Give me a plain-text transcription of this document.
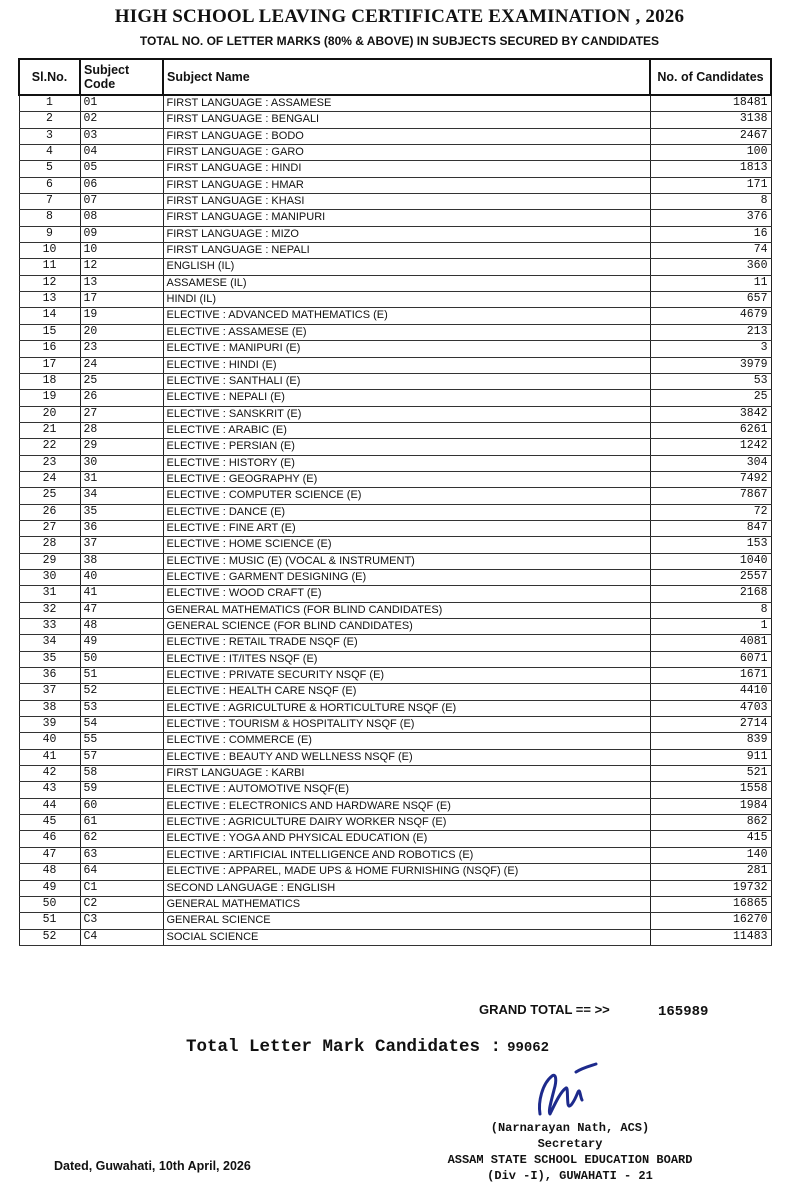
HIGH SCHOOL LEAVING CERTIFICATE EXAMINATION , 2026
TOTAL NO. OF LETTER MARKS (80% & ABOVE) IN SUBJECTS SECURED BY CANDIDATES
Sl.No.	Subject Code	Subject Name	No. of Candidates
1	01	FIRST LANGUAGE : ASSAMESE	18481
2	02	FIRST LANGUAGE : BENGALI	3138
3	03	FIRST LANGUAGE : BODO	2467
4	04	FIRST LANGUAGE : GARO	100
5	05	FIRST LANGUAGE : HINDI	1813
6	06	FIRST LANGUAGE : HMAR	171
7	07	FIRST LANGUAGE : KHASI	8
8	08	FIRST LANGUAGE : MANIPURI	376
9	09	FIRST LANGUAGE : MIZO	16
10	10	FIRST LANGUAGE : NEPALI	74
11	12	ENGLISH (IL)	360
12	13	ASSAMESE (IL)	11
13	17	HINDI (IL)	657
14	19	ELECTIVE : ADVANCED MATHEMATICS (E)	4679
15	20	ELECTIVE : ASSAMESE (E)	213
16	23	ELECTIVE : MANIPURI (E)	3
17	24	ELECTIVE : HINDI (E)	3979
18	25	ELECTIVE : SANTHALI (E)	53
19	26	ELECTIVE : NEPALI (E)	25
20	27	ELECTIVE : SANSKRIT (E)	3842
21	28	ELECTIVE : ARABIC (E)	6261
22	29	ELECTIVE : PERSIAN (E)	1242
23	30	ELECTIVE : HISTORY (E)	304
24	31	ELECTIVE : GEOGRAPHY (E)	7492
25	34	ELECTIVE : COMPUTER SCIENCE (E)	7867
26	35	ELECTIVE : DANCE (E)	72
27	36	ELECTIVE : FINE ART (E)	847
28	37	ELECTIVE : HOME SCIENCE (E)	153
29	38	ELECTIVE : MUSIC (E) (VOCAL & INSTRUMENT)	1040
30	40	ELECTIVE : GARMENT DESIGNING (E)	2557
31	41	ELECTIVE : WOOD CRAFT (E)	2168
32	47	GENERAL MATHEMATICS (FOR BLIND CANDIDATES)	8
33	48	GENERAL SCIENCE (FOR BLIND CANDIDATES)	1
34	49	ELECTIVE : RETAIL TRADE NSQF (E)	4081
35	50	ELECTIVE : IT/ITES NSQF (E)	6071
36	51	ELECTIVE : PRIVATE SECURITY NSQF (E)	1671
37	52	ELECTIVE : HEALTH CARE NSQF (E)	4410
38	53	ELECTIVE : AGRICULTURE & HORTICULTURE NSQF (E)	4703
39	54	ELECTIVE : TOURISM & HOSPITALITY NSQF (E)	2714
40	55	ELECTIVE : COMMERCE (E)	839
41	57	ELECTIVE : BEAUTY AND WELLNESS NSQF (E)	911
42	58	FIRST LANGUAGE : KARBI	521
43	59	ELECTIVE : AUTOMOTIVE NSQF(E)	1558
44	60	ELECTIVE : ELECTRONICS AND HARDWARE NSQF (E)	1984
45	61	ELECTIVE : AGRICULTURE DAIRY WORKER NSQF (E)	862
46	62	ELECTIVE : YOGA AND PHYSICAL EDUCATION (E)	415
47	63	ELECTIVE : ARTIFICIAL INTELLIGENCE AND ROBOTICS (E)	140
48	64	ELECTIVE : APPAREL, MADE UPS & HOME FURNISHING (NSQF) (E)	281
49	C1	SECOND LANGUAGE : ENGLISH	19732
50	C2	GENERAL MATHEMATICS	16865
51	C3	GENERAL SCIENCE	16270
52	C4	SOCIAL SCIENCE	11483
GRAND TOTAL == >>	165989
Total Letter Mark Candidates : 99062
(Narnarayan Nath, ACS)
Secretary
ASSAM STATE SCHOOL EDUCATION BOARD
(Div -I), GUWAHATI - 21
Dated, Guwahati, 10th April, 2026
